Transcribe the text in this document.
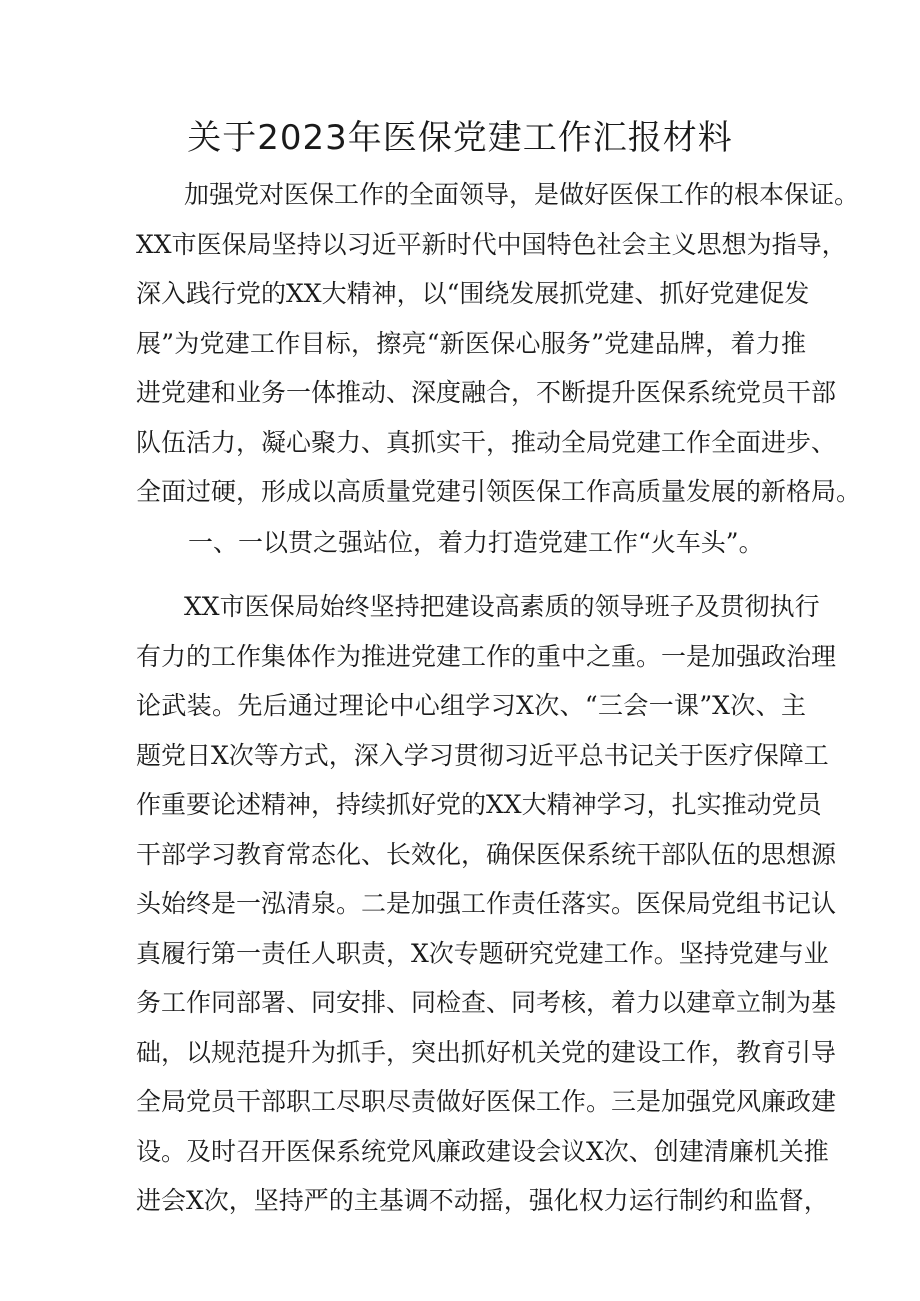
关于2023年医保党建工作汇报材料
加强党对医保工作的全面领导，是做好医保工作的根本保证。
XX市医保局坚持以习近平新时代中国特色社会主义思想为指导，
深入践行党的XX大精神，以“围绕发展抓党建、抓好党建促发
展”为党建工作目标，擦亮“新医保心服务”党建品牌，着力推
进党建和业务一体推动、深度融合，不断提升医保系统党员干部
队伍活力，凝心聚力、真抓实干，推动全局党建工作全面进步、
全面过硬，形成以高质量党建引领医保工作高质量发展的新格局。
一、一以贯之强站位，着力打造党建工作“火车头”。
XX市医保局始终坚持把建设高素质的领导班子及贯彻执行
有力的工作集体作为推进党建工作的重中之重。一是加强政治理
论武装。先后通过理论中心组学习X次、“三会一课”X次、主
题党日X次等方式，深入学习贯彻习近平总书记关于医疗保障工
作重要论述精神，持续抓好党的XX大精神学习，扎实推动党员
干部学习教育常态化、长效化，确保医保系统干部队伍的思想源
头始终是一泓清泉。二是加强工作责任落实。医保局党组书记认
真履行第一责任人职责，X次专题研究党建工作。坚持党建与业
务工作同部署、同安排、同检查、同考核，着力以建章立制为基
础，以规范提升为抓手，突出抓好机关党的建设工作，教育引导
全局党员干部职工尽职尽责做好医保工作。三是加强党风廉政建
设。及时召开医保系统党风廉政建设会议X次、创建清廉机关推
进会X次，坚持严的主基调不动摇，强化权力运行制约和监督，
